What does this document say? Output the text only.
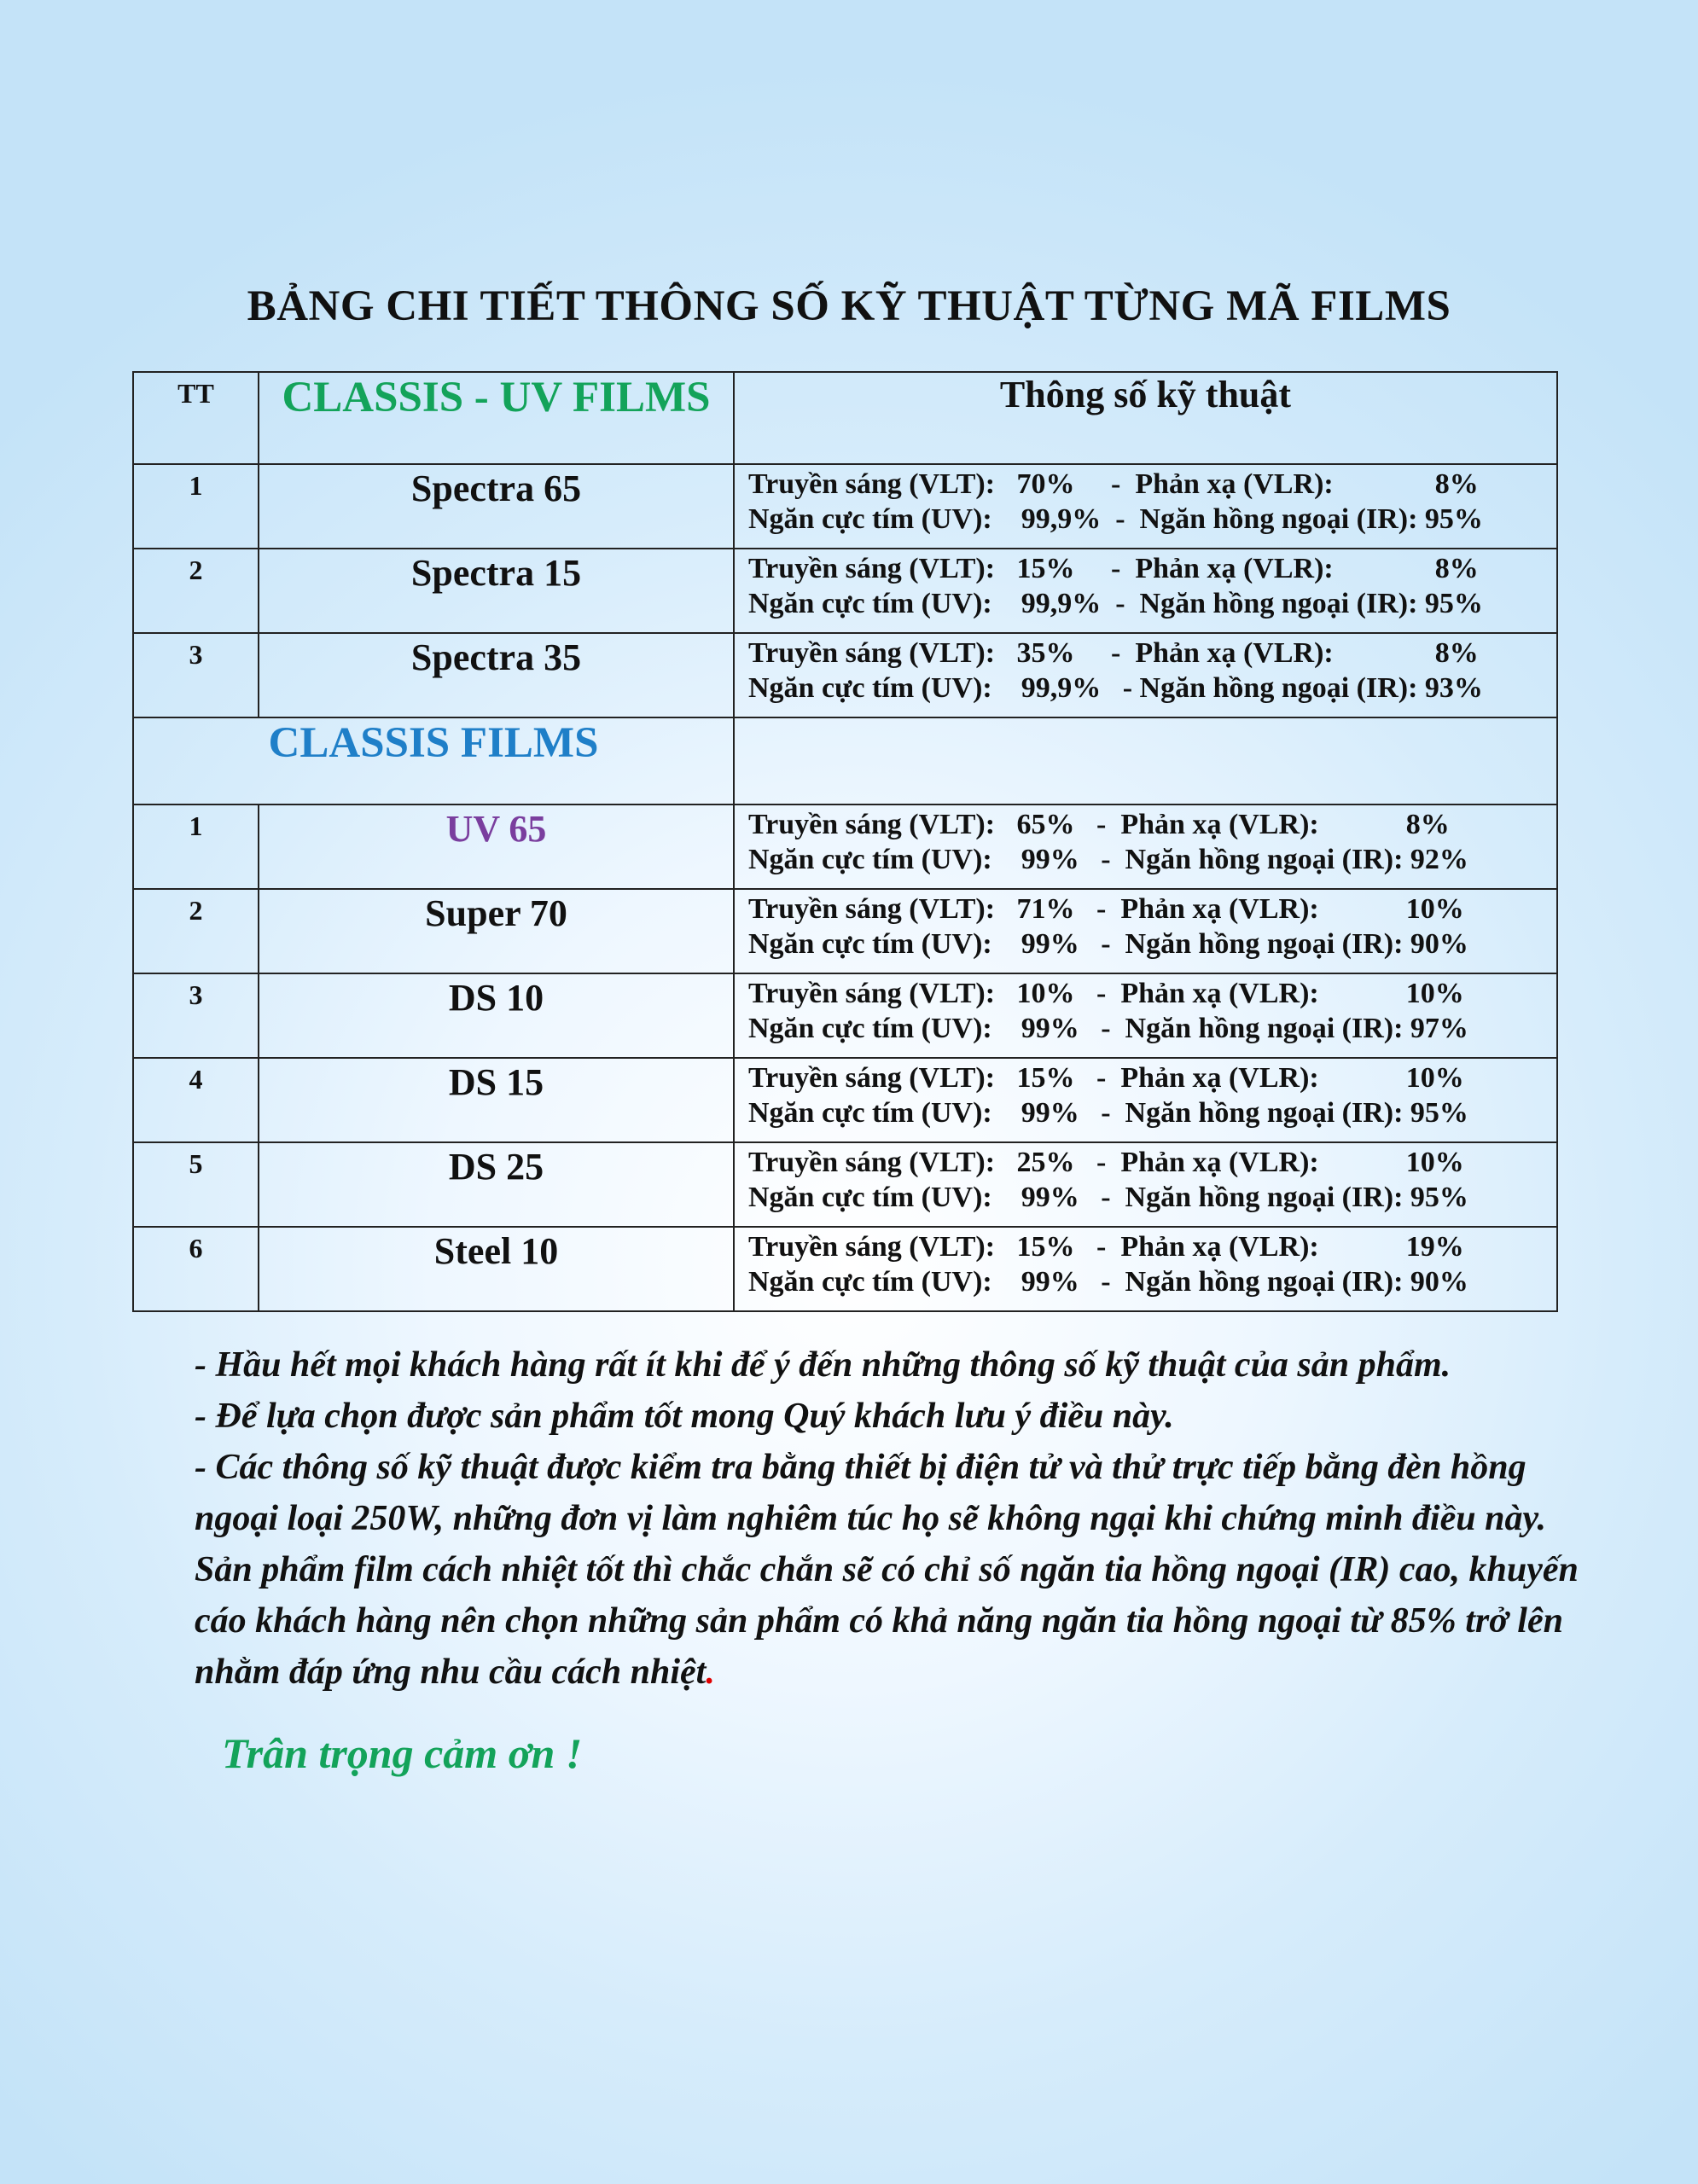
BẢNG CHI TIẾT THÔNG SỐ KỸ THUẬT TỪNG MÃ FILMS
TT	CLASSIS - UV FILMS	Thông số kỹ thuật
1	Spectra 65	Truyền sáng (VLT):   70%     -  Phản xạ (VLR):              8%
Ngăn cực tím (UV):    99,9%  -  Ngăn hồng ngoại (IR): 95%

2	Spectra 15	Truyền sáng (VLT):   15%     -  Phản xạ (VLR):              8%
Ngăn cực tím (UV):    99,9%  -  Ngăn hồng ngoại (IR): 95%

3	Spectra 35	Truyền sáng (VLT):   35%     -  Phản xạ (VLR):              8%
Ngăn cực tím (UV):    99,9%   - Ngăn hồng ngoại (IR): 93%

CLASSIS FILMS		
1	UV 65	Truyền sáng (VLT):   65%   -  Phản xạ (VLR):            8%
Ngăn cực tím (UV):    99%   -  Ngăn hồng ngoại (IR): 92%

2	Super 70	Truyền sáng (VLT):   71%   -  Phản xạ (VLR):            10%
Ngăn cực tím (UV):    99%   -  Ngăn hồng ngoại (IR): 90%

3	DS 10	Truyền sáng (VLT):   10%   -  Phản xạ (VLR):            10%
Ngăn cực tím (UV):    99%   -  Ngăn hồng ngoại (IR): 97%

4	DS 15	Truyền sáng (VLT):   15%   -  Phản xạ (VLR):            10%
Ngăn cực tím (UV):    99%   -  Ngăn hồng ngoại (IR): 95%

5	DS 25	Truyền sáng (VLT):   25%   -  Phản xạ (VLR):            10%
Ngăn cực tím (UV):    99%   -  Ngăn hồng ngoại (IR): 95%

6	Steel 10	Truyền sáng (VLT):   15%   -  Phản xạ (VLR):            19%
Ngăn cực tím (UV):    99%   -  Ngăn hồng ngoại (IR): 90%

- Hầu hết mọi khách hàng rất ít khi để ý đến những thông số kỹ thuật của sản phẩm.

- Để lựa chọn được sản phẩm tốt mong Quý khách lưu ý điều này.

- Các thông số kỹ thuật được kiểm tra bằng thiết bị điện tử và thử trực tiếp bằng đèn hồng ngoại loại 250W, những đơn vị làm nghiêm túc họ sẽ không ngại khi chứng minh điều này. Sản phẩm film cách nhiệt tốt thì chắc chắn sẽ có chỉ số ngăn tia hồng ngoại (IR) cao, khuyến cáo khách hàng nên chọn những sản phẩm có khả năng ngăn tia hồng ngoại từ 85% trở lên nhằm đáp ứng nhu cầu cách nhiệt.

Trân trọng cảm ơn !
